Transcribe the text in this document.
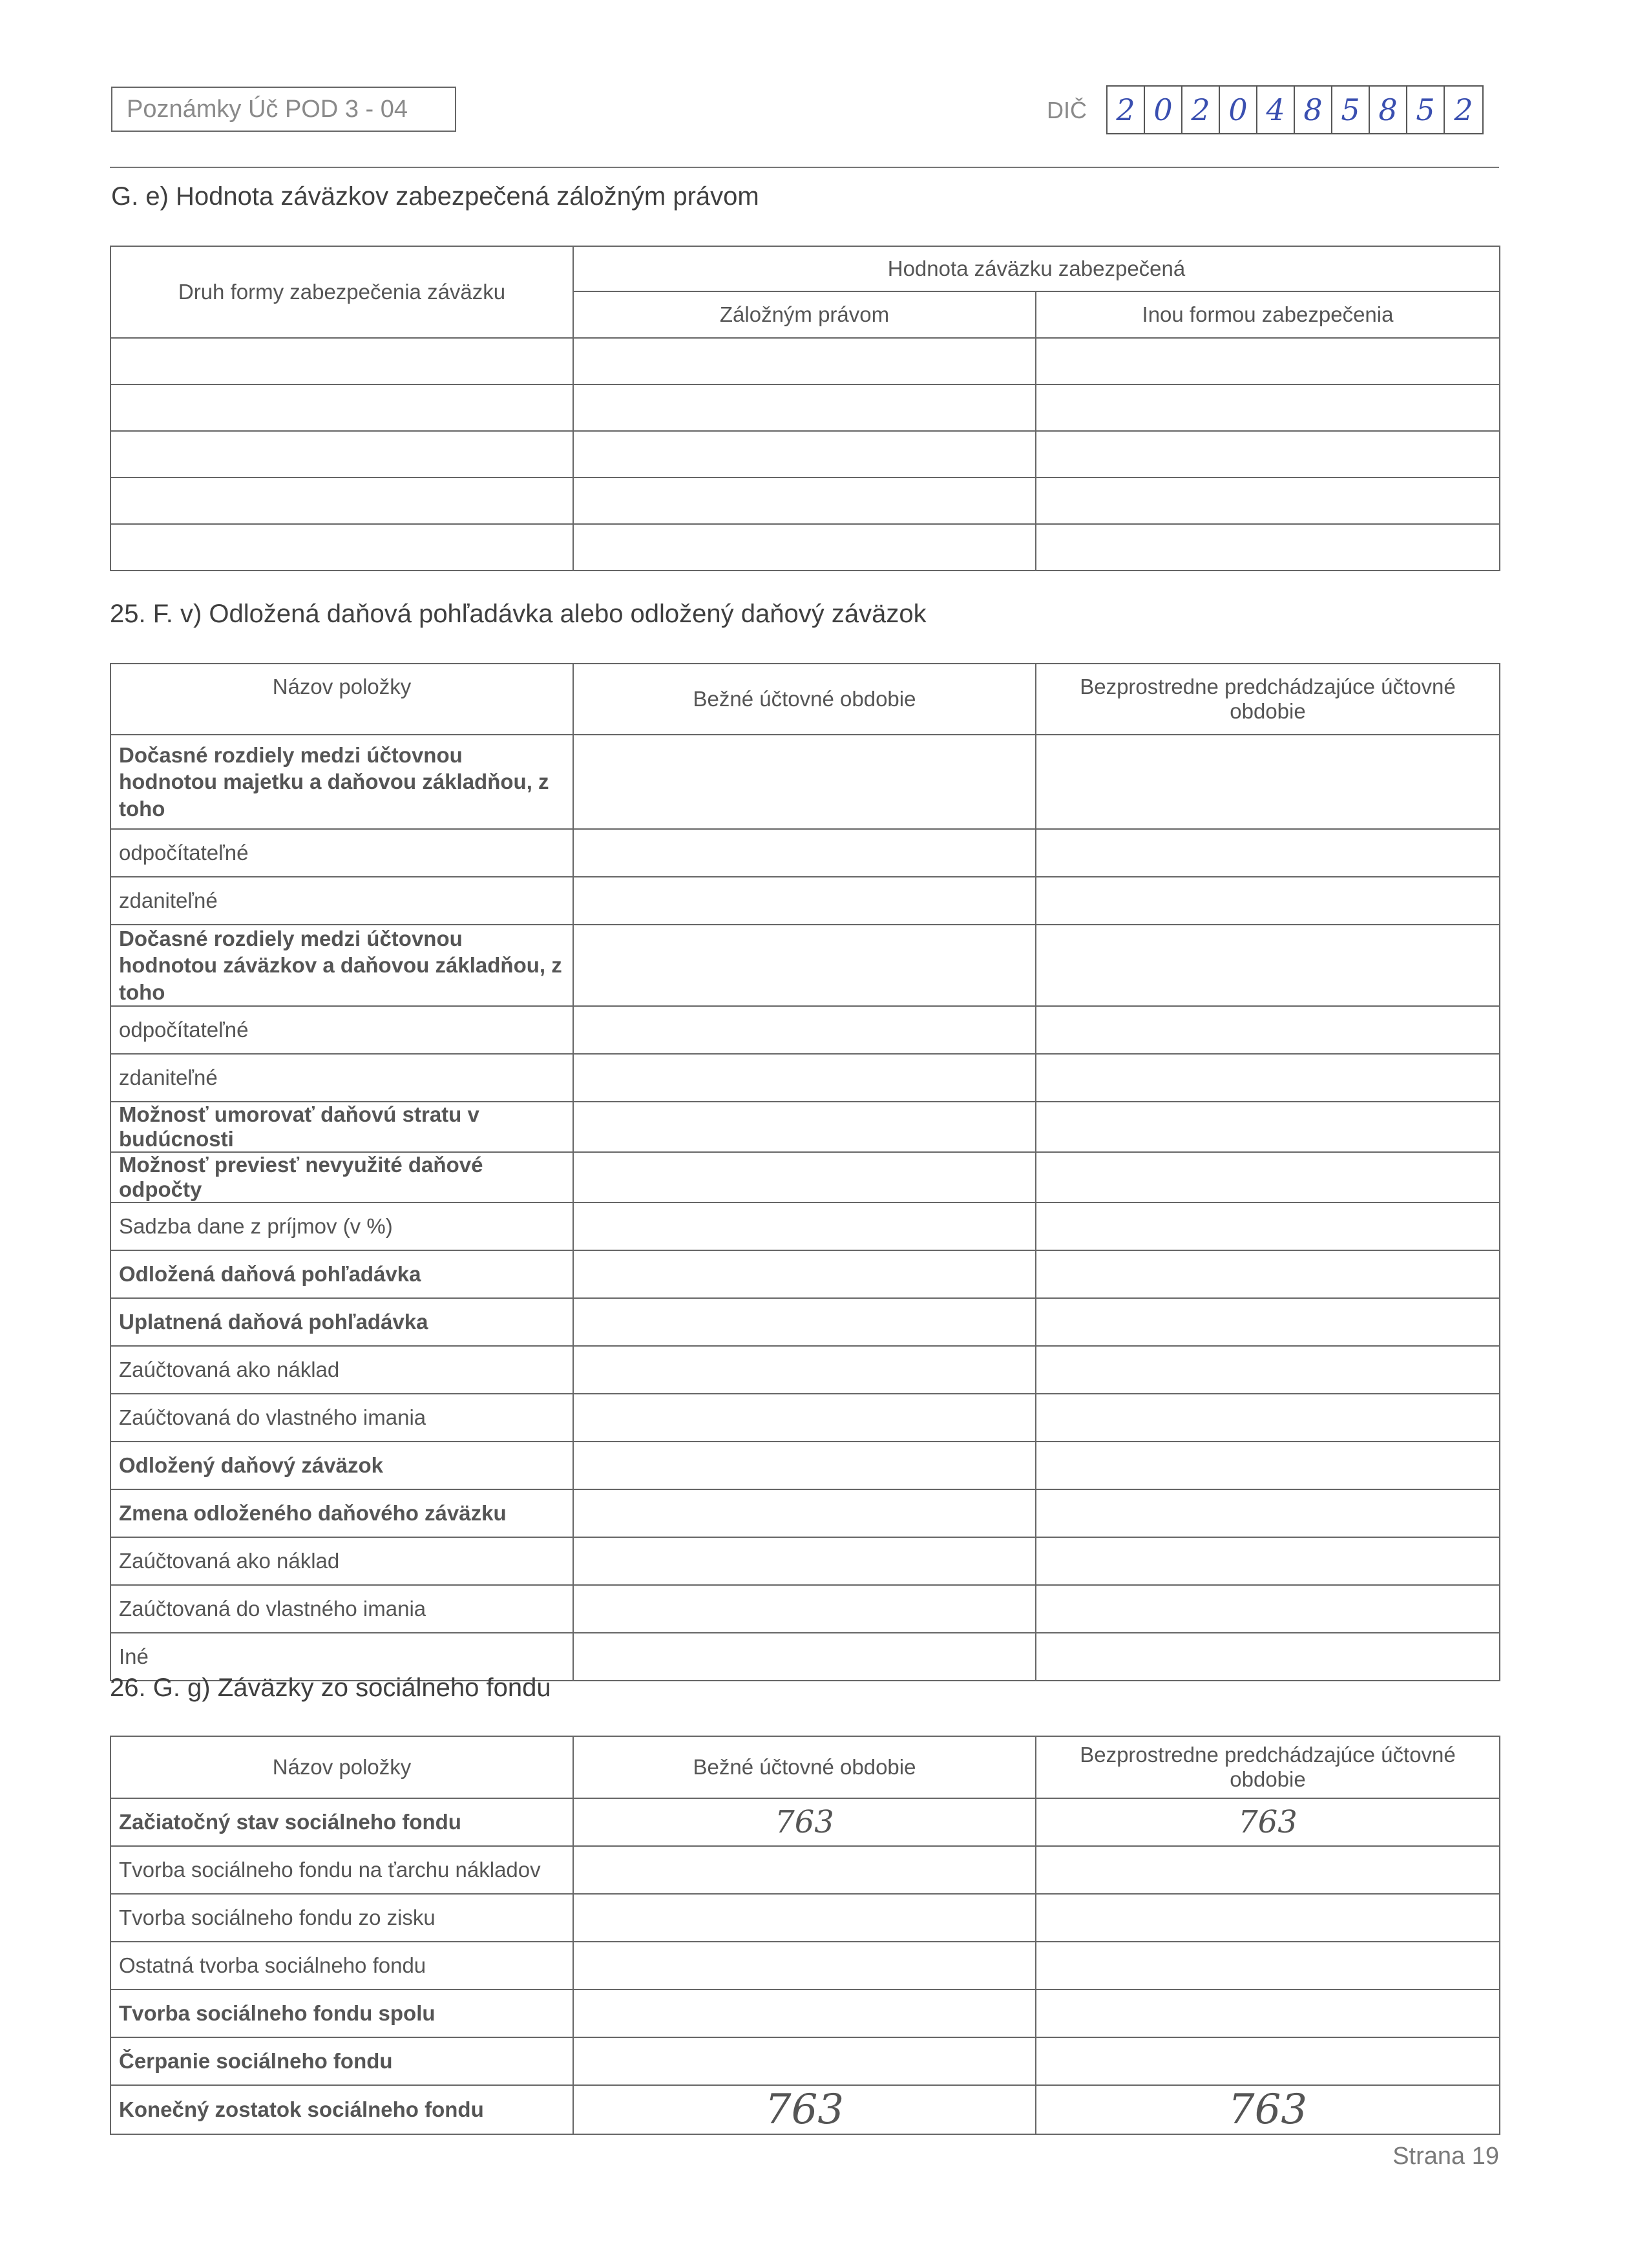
Poznámky Úč POD 3 - 04	DIČ 2 0 2 0 4 8 5 8 5 2
G. e) Hodnota záväzkov zabezpečená záložným právom
Druh formy zabezpečenia záväzku	Hodnota záväzku zabezpečená	
	Záložným právom	Inou formou zabezpečenia

25. F. v) Odložená daňová pohľadávka alebo odložený daňový záväzok
Názov položky	Bežné účtovné obdobie	Bezprostredne predchádzajúce účtovné obdobie
Dočasné rozdiely medzi účtovnou hodnotou majetku a daňovou základňou, z toho		
odpočítateľné		
zdaniteľné		
Dočasné rozdiely medzi účtovnou hodnotou záväzkov a daňovou základňou, z toho		
odpočítateľné		
zdaniteľné		
Možnosť umorovať daňovú stratu v budúcnosti		
Možnosť previesť nevyužité daňové odpočty		
Sadzba dane z príjmov (v %)		
Odložená daňová pohľadávka		
Uplatnená daňová pohľadávka		
Zaúčtovaná ako náklad		
Zaúčtovaná do vlastného imania		
Odložený daňový záväzok		
Zmena odloženého daňového záväzku		
Zaúčtovaná ako náklad		
Zaúčtovaná do vlastného imania		
Iné		
26. G. g) Záväzky zo sociálneho fondu
Názov položky	Bežné účtovné obdobie	Bezprostredne predchádzajúce účtovné obdobie
Začiatočný stav sociálneho fondu	763	763
Tvorba sociálneho fondu na ťarchu nákladov		
Tvorba sociálneho fondu zo zisku		
Ostatná tvorba sociálneho fondu		
Tvorba sociálneho fondu spolu		
Čerpanie sociálneho fondu		
Konečný zostatok sociálneho fondu	763	763
Strana 19
